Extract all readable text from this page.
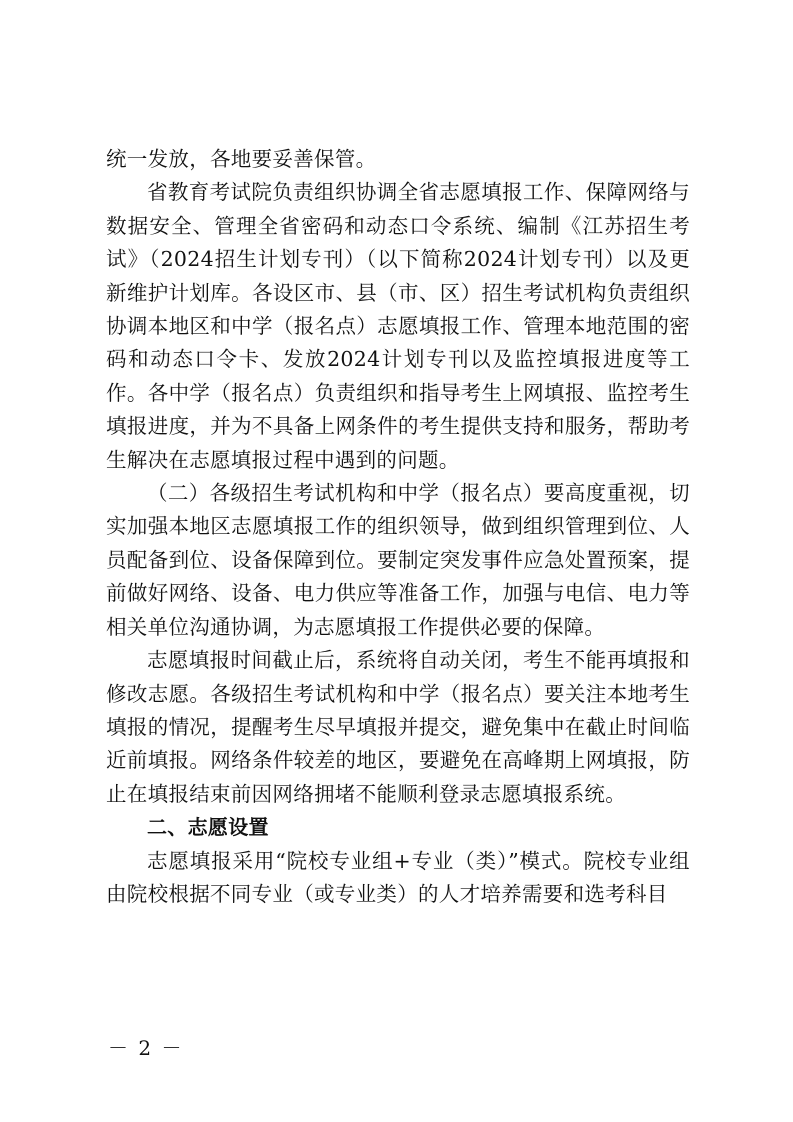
统一发放，各地要妥善保管。

省教育考试院负责组织协调全省志愿填报工作、保障网络与数据安全、管理全省密码和动态口令系统、编制《江苏招生考试》（2024招生计划专刊）（以下简称2024计划专刊）以及更新维护计划库。各设区市、县（市、区）招生考试机构负责组织协调本地区和中学（报名点）志愿填报工作、管理本地范围的密码和动态口令卡、发放2024计划专刊以及监控填报进度等工作。各中学（报名点）负责组织和指导考生上网填报、监控考生填报进度，并为不具备上网条件的考生提供支持和服务，帮助考生解决在志愿填报过程中遇到的问题。

（二）各级招生考试机构和中学（报名点）要高度重视，切实加强本地区志愿填报工作的组织领导，做到组织管理到位、人员配备到位、设备保障到位。要制定突发事件应急处置预案，提前做好网络、设备、电力供应等准备工作，加强与电信、电力等相关单位沟通协调，为志愿填报工作提供必要的保障。

志愿填报时间截止后，系统将自动关闭，考生不能再填报和修改志愿。各级招生考试机构和中学（报名点）要关注本地考生填报的情况，提醒考生尽早填报并提交，避免集中在截止时间临近前填报。网络条件较差的地区，要避免在高峰期上网填报，防止在填报结束前因网络拥堵不能顺利登录志愿填报系统。

二、志愿设置

志愿填报采用“院校专业组+专业（类）”模式。院校专业组由院校根据不同专业（或专业类）的人才培养需要和选考科目

－ 2 －
